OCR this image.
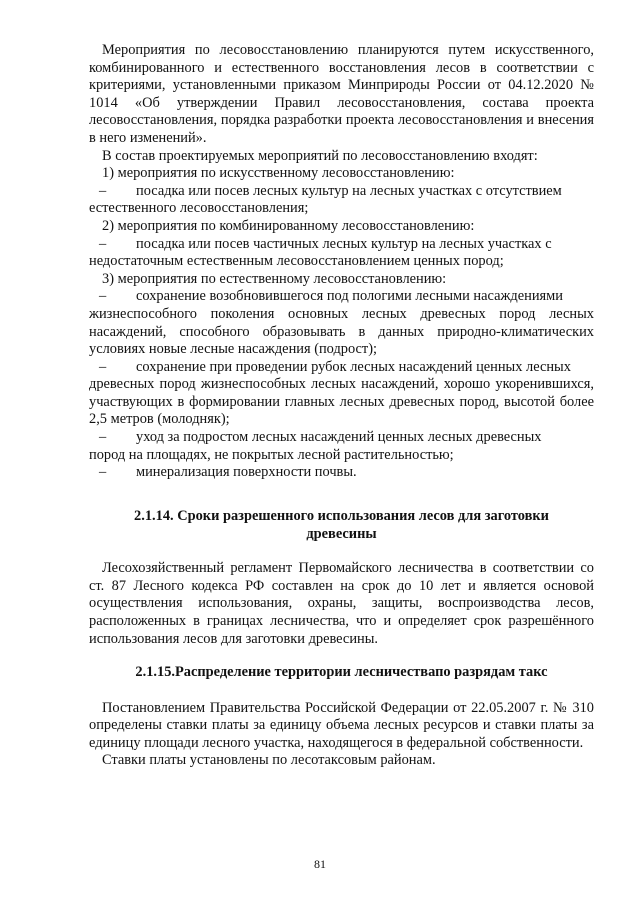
Мероприятия по лесовосстановлению планируются путем искусственного, комбинированного и естественного восстановления лесов в соответствии с критериями, установленными приказом Минприроды России от 04.12.2020 № 1014 «Об утверждении Правил лесовосстановления, состава проекта лесовосстановления, порядка разработки проекта лесовосстановления и внесения в него изменений».

В состав проектируемых мероприятий по лесовосстановлению входят:

1) мероприятия по искусственному лесовосстановлению:

–	посадка или посев лесных культур на лесных участках с отсутствием

естественного лесовосстановления;

2) мероприятия по комбинированному лесовосстановлению:

–	посадка или посев частичных лесных культур на лесных участках с

недостаточным естественным лесовосстановлением ценных пород;

3) мероприятия по естественному лесовосстановлению:

–	сохранение возобновившегося под пологими лесными насаждениями

жизнеспособного поколения основных лесных древесных пород лесных насаждений, способного образовывать в данных природно-климатических условиях новые лесные насаждения (подрост);

–	сохранение при проведении рубок лесных насаждений ценных лесных

древесных пород жизнеспособных лесных насаждений, хорошо укоренившихся, участвующих в формировании главных лесных древесных пород, высотой более 2,5 метров (молодняк);

–	уход за подростом лесных насаждений ценных лесных древесных

пород на площадях, не покрытых лесной растительностью;

–	минерализация поверхности почвы.
2.1.14. Сроки разрешенного использования лесов для заготовки
древесины

Лесохозяйственный регламент Первомайского лесничества в соответствии со ст. 87 Лесного кодекса РФ составлен на срок до 10 лет и является основой осуществления использования, охраны, защиты, воспроизводства лесов, расположенных в границах лесничества, что и определяет срок разрешённого использования лесов для заготовки древесины.

2.1.15.Распределение территории лесничествапо разрядам такс

Постановлением Правительства Российской Федерации от 22.05.2007 г. № 310 определены ставки платы за единицу объема лесных ресурсов и ставки платы за единицу площади лесного участка, находящегося в федеральной собственности.

Ставки платы установлены по лесотаксовым районам.

81
